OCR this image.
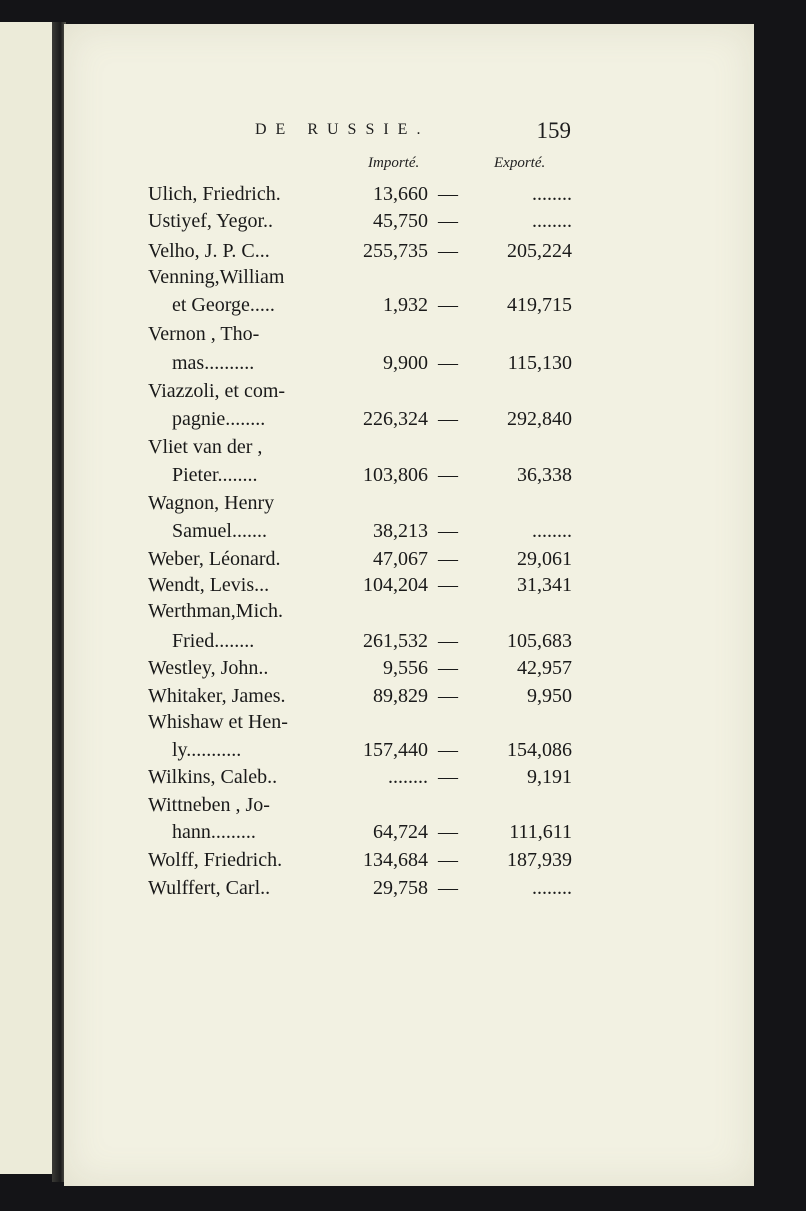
DE RUSSIE.	159
Importé.	Exporté.
Ulich, Friedrich.	13,660 —	........
Ustiyef, Yegor..	45,750 —	........
Velho, J. P. C...	255,735 — 205,224
Venning,William
et George.....	1,932 — 419,715
Vernon , Tho-
mas..........	9,900 — 115,130
Viazzoli, et com-
pagnie........	226,324 — 292,840
Vliet van der ,
Pieter........	103,806 —	36,338
Wagnon, Henry
Samuel.......	38,213 —	........
Weber, Léonard.	47,067 —	29,061
Wendt, Levis...	104,204 —	31,341
Werthman,Mich.
Fried........	261,532 — 105,683
Westley, John..	9,556 —	42,957
Whitaker, James.	89,829 —	9,950
Whishaw et Hen-
ly...........	157,440 — 154,086
Wilkins, Caleb..	........ —	9,191
Wittneben , Jo-
hann.........	64,724 —	111,611
Wolff, Friedrich.	134,684 — 187,939
Wulffert, Carl..	29,758 —	........
